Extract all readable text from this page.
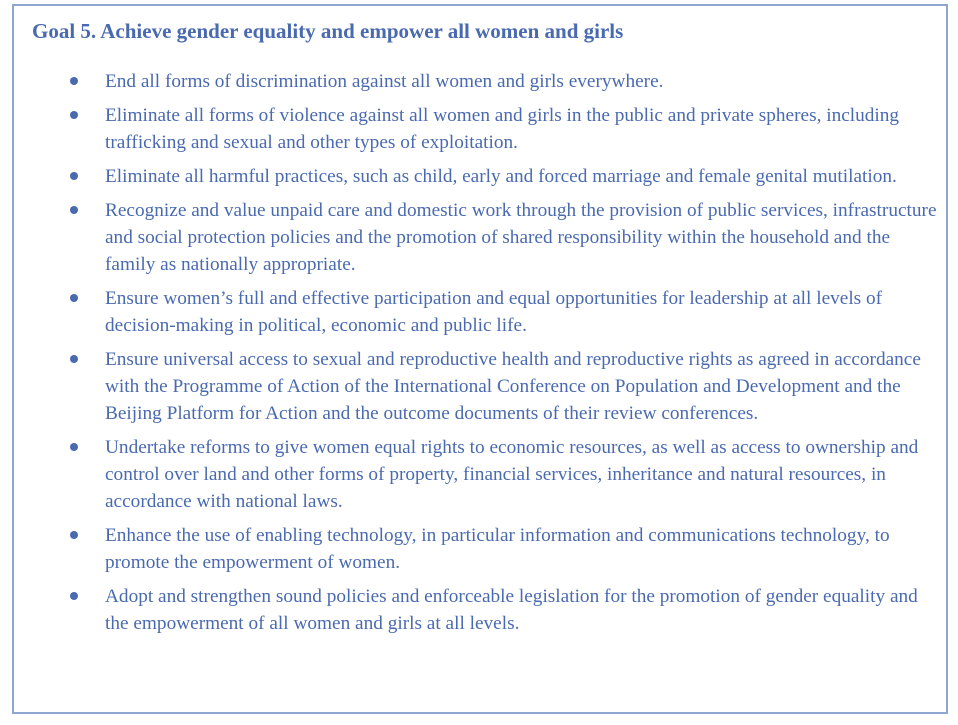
Goal 5. Achieve gender equality and empower all women and girls
End all forms of discrimination against all women and girls everywhere.
Eliminate all forms of violence against all women and girls in the public and private spheres, including trafficking and sexual and other types of exploitation.
Eliminate all harmful practices, such as child, early and forced marriage and female genital mutilation.
Recognize and value unpaid care and domestic work through the provision of public services, infrastructure and social protection policies and the promotion of shared responsibility within the household and the family as nationally appropriate.
Ensure women’s full and effective participation and equal opportunities for leadership at all levels of decision-making in political, economic and public life.
Ensure universal access to sexual and reproductive health and reproductive rights as agreed in accordance with the Programme of Action of the International Conference on Population and Development and the Beijing Platform for Action and the outcome documents of their review conferences.
Undertake reforms to give women equal rights to economic resources, as well as access to ownership and control over land and other forms of property, financial services, inheritance and natural resources, in accordance with national laws.
Enhance the use of enabling technology, in particular information and communications technology, to promote the empowerment of women.
Adopt and strengthen sound policies and enforceable legislation for the promotion of gender equality and the empowerment of all women and girls at all levels.
